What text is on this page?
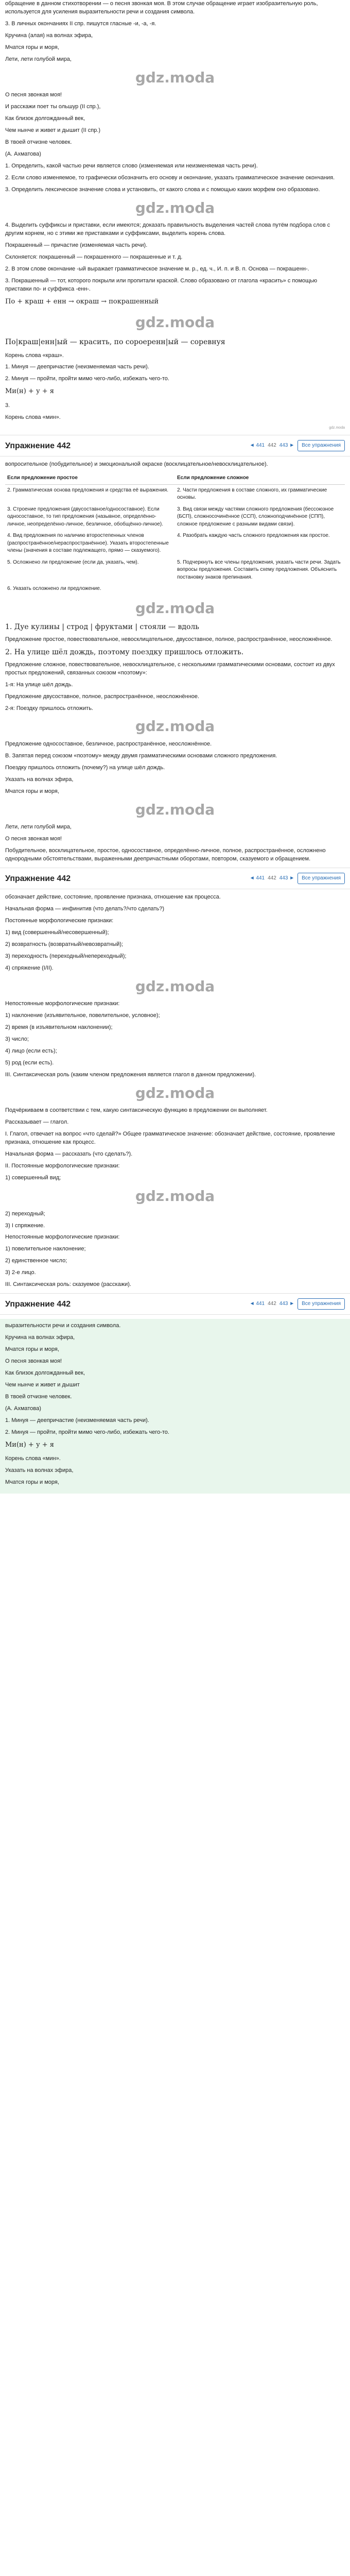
обращение в данном стихотворении — о песня звонкая моя. В этом случае обращение играет изобразительную роль, используется для усиления выразительности речи и создания символа.

3. В личных окончаниях II спр. пишутся гласные -и, -а, -я.

Кручина (алая) на волнах эфира,

Мчатся горы и моря,

Лети, лети голубой мира,

gdz.moda

О песня звонкая моя!

И расскажи поет ты ольшур (II спр.),

Как близок долгожданный век,

Чем нынче и живет и дышит (II спр.)

В твоей отчизне человек.

(А. Ахматова)

1. Определить, какой частью речи является слово (изменяемая или неизменяемая часть речи).

2. Если слово изменяемое, то графически обозначить его основу и окончание, указать грамматическое значение окончания.

3. Определить лексическое значение слова и установить, от какого слова и с помощью каких морфем оно образовано.

gdz.moda

4. Выделить суффиксы и приставки, если имеются; доказать правильность выделения частей слова путём подбора слов с другим корнем, но с этими же приставками и суффиксами, выделить корень слова.

Покрашенный — причастие (изменяемая часть речи).

Склоняется: покрашенный — покрашенного — покрашенные и т. д.

2. В этом слове окончание -ый выражает грамматическое значение м. р., ед. ч., И. п. и В. п. Основа — покрашенн-.

3. Покрашенный — тот, которого покрыли или пропитали краской. Слово образовано от глагола «красить» с помощью приставки по- и суффикса -енн-.

По + краш + енн → окраш → покрашенный
gdz.moda
По|краш|енн|ый — красить, по сороеренн|ый — соревнуя

Корень слова «краш».

1. Минуя — деепричастие (неизменяемая часть речи).

2. Минуя — пройти, пройти мимо чего-либо, избежать чего-то.

Ми(н) + у + я

3.

Корень слова «мин».

gdz.moda
Упражнение 442	◄ 441 442 443 ►	Все упражнения

вопросительное (побудительное) и эмоциональной окраске (восклицательное/невосклицательное).

Если предложение простое	Если предложение сложное
2. Грамматическая основа предложения и средства её выражения.	2. Части предложения в составе сложного, их грамматические основы.
3. Строение предложения (двусоставное/односоставное). Если односоставное, то тип предложения (назывное, определённо-личное, неопределённо-личное, безличное, обобщённо-личное).	3. Вид связи между частями сложного предложения (бессоюзное (БСП), сложносочинённое (ССП), сложноподчинённое (СПП), сложное предложение с разными видами связи).
4. Вид предложения по наличию второстепенных членов (распространённое/нераспространённое). Указать второстепенные члены (значения в составе подлежащего, прямо — сказуемого).	4. Разобрать каждую часть сложного предложения как простое.
5. Осложнено ли предложение (если да, указать, чем).	5. Подчеркнуть все члены предложения, указать части речи. Задать вопросы предложения. Составить схему предложения. Объяснить постановку знаков препинания.
6. Указать осложнено ли предложение.	
gdz.moda
1. Дуе кулины | строд | фруктами | стояли — вдоль

Предложение простое, повествовательное, невосклицательное, двусоставное, полное, распространённое, неосложнённое.

2. На улице шёл дождь, поэтому поездку пришлось отложить.

Предложение сложное, повествовательное, невосклицательное, с несколькими грамматическими основами, состоит из двух простых предложений, связанных союзом «поэтому»:

1-я: На улице шёл дождь.

Предложение двусоставное, полное, распространённое, неосложнённое.

2-я: Поездку пришлось отложить.

gdz.moda

Предложение односоставное, безличное, распространённое, неосложнённое.

В. Запятая перед союзом «поэтому» между двумя грамматическими основами сложного предложения.

Поездку пришлось отложить (почему?) на улице шёл дождь.

Указать на волнах эфира,

Мчатся горы и моря,

gdz.moda

Лети, лети голубой мира,

О песня звонкая моя!

Побудительное, восклицательное, простое, односоставное, определённо-личное, полное, распространённое, осложнено однородными обстоятельствами, выраженными деепричастными оборотами, повтором, сказуемого и обращением.

Упражнение 442	◄ 441 442 443 ►	Все упражнения

обозначает действие, состояние, проявление признака, отношение как процесса.

Начальная форма — инфинитив (что делать?/что сделать?)

Постоянные морфологические признаки:

1) вид (совершенный/несовершенный);

2) возвратность (возвратный/невозвратный);

3) переходность (переходный/непереходный);

4) спряжение (I/II).

gdz.moda

Непостоянные морфологические признаки:

1) наклонение (изъявительное, повелительное, условное);

2) время (в изъявительном наклонении);

3) число;

4) лицо (если есть);

5) род (если есть).

III. Синтаксическая роль (каким членом предложения является глагол в данном предложении).

gdz.moda

Подчёркиваем в соответствии с тем, какую синтаксическую функцию в предложении он выполняет.

Рассказывает — глагол.

I. Глагол, отвечает на вопрос «что сделай?» Общее грамматическое значение: обозначает действие, состояние, проявление признака, отношение как процесс.

Начальная форма — рассказать (что сделать?).

II. Постоянные морфологические признаки:

1) совершенный вид;

gdz.moda

2) переходный;

3) I спряжение.

Непостоянные морфологические признаки:

1) повелительное наклонение;

2) единственное число;

3) 2-е лицо.

III. Синтаксическая роль: сказуемое (расскажи).

Упражнение 442	◄ 441 442 443 ►	Все упражнения

выразительности речи и создания символа.

Кручина на волнах эфира,

Мчатся горы и моря,

О песня звонкая моя!

Как близок долгожданный век,

Чем нынче и живет и дышит

В твоей отчизне человек.

(А. Ахматова)

1. Минуя — деепричастие (неизменяемая часть речи).

2. Минуя — пройти, пройти мимо чего-либо, избежать чего-то.

Ми(н) + у + я

Корень слова «мин».

Указать на волнах эфира,

Мчатся горы и моря,
